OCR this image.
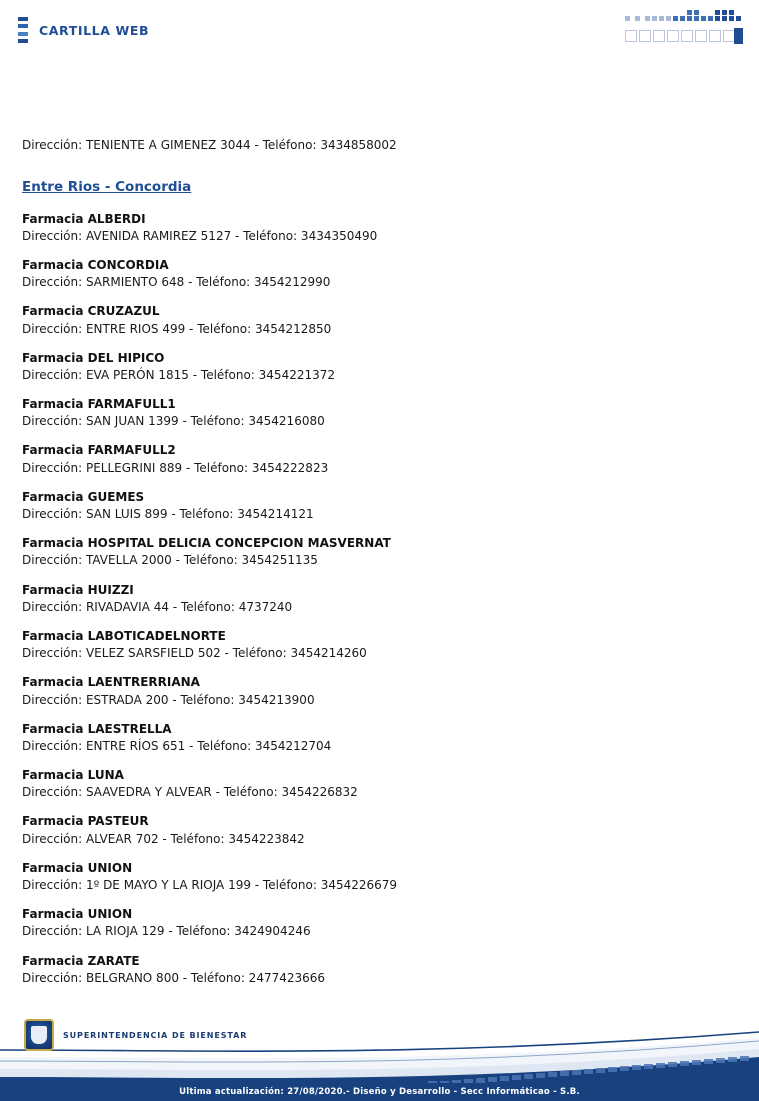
CARTILLA WEB

Dirección: TENIENTE A GIMENEZ 3044 - Teléfono: 3434858002

Entre Rios - Concordia

Farmacia ALBERDI

Dirección: AVENIDA RAMIREZ 5127 - Teléfono: 3434350490

Farmacia CONCORDIA

Dirección: SARMIENTO 648 - Teléfono: 3454212990

Farmacia CRUZAZUL

Dirección: ENTRE RIOS 499 - Teléfono: 3454212850

Farmacia DEL HIPICO

Dirección: EVA PERÓN 1815 - Teléfono: 3454221372

Farmacia FARMAFULL1

Dirección: SAN JUAN 1399 - Teléfono: 3454216080

Farmacia FARMAFULL2

Dirección: PELLEGRINI 889 - Teléfono: 3454222823

Farmacia GUEMES

Dirección: SAN LUIS 899 - Teléfono: 3454214121

Farmacia HOSPITAL DELICIA CONCEPCION MASVERNAT

Dirección: TAVELLA 2000 - Teléfono: 3454251135

Farmacia HUIZZI

Dirección: RIVADAVIA 44 - Teléfono: 4737240

Farmacia LABOTICADELNORTE

Dirección: VELEZ SARSFIELD 502 - Teléfono: 3454214260

Farmacia LAENTRERRIANA

Dirección: ESTRADA 200 - Teléfono: 3454213900

Farmacia LAESTRELLA

Dirección: ENTRE RÍOS 651 - Teléfono: 3454212704

Farmacia LUNA

Dirección: SAAVEDRA Y ALVEAR - Teléfono: 3454226832

Farmacia PASTEUR

Dirección: ALVEAR 702 - Teléfono: 3454223842

Farmacia UNION

Dirección: 1º DE MAYO Y LA RIOJA 199 - Teléfono: 3454226679

Farmacia UNION

Dirección: LA RIOJA 129 - Teléfono: 3424904246

Farmacia ZARATE

Dirección: BELGRANO 800 - Teléfono: 2477423666

SUPERINTENDENCIA DE BIENESTAR
Ultima actualización: 27/08/2020.- Diseño y Desarrollo - Secc Informáticao - S.B.
